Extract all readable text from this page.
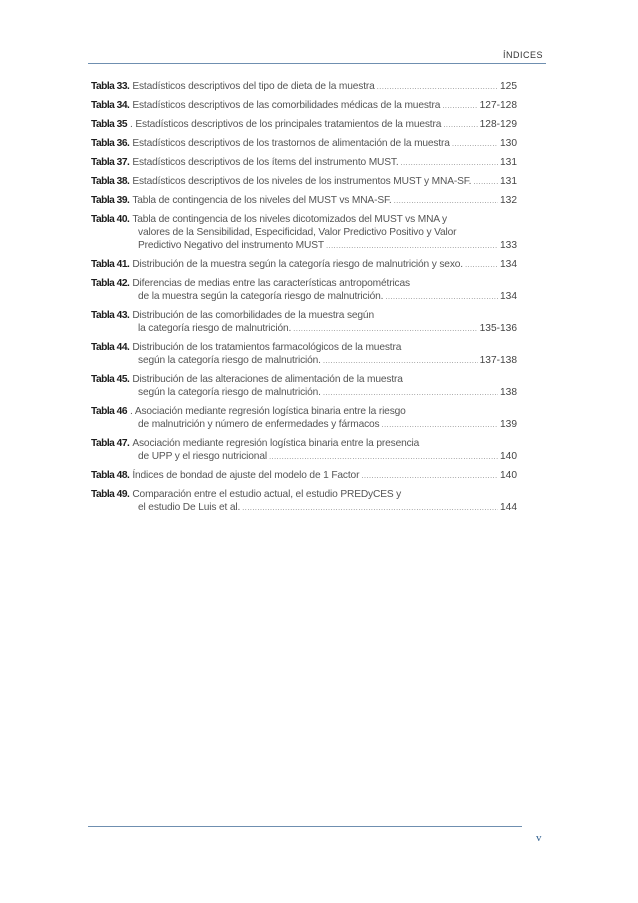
ÍNDICES
Tabla 33. Estadísticos descriptivos del tipo de dieta de la muestra .....	125
Tabla 34. Estadísticos descriptivos de las comorbilidades médicas de la muestra .....	127-128
Tabla 35 . Estadísticos descriptivos de los principales tratamientos de la muestra .....	128-129
Tabla 36. Estadísticos descriptivos de los trastornos de alimentación de la muestra .....	130
Tabla 37. Estadísticos descriptivos de los ítems del instrumento MUST. .....	131
Tabla 38. Estadísticos descriptivos de los niveles de los instrumentos MUST y MNA-SF. .....	131
Tabla 39. Tabla de contingencia de los niveles del MUST vs MNA-SF. .....	132
Tabla 40. Tabla de contingencia de los niveles dicotomizados del MUST vs MNA y
valores de la Sensibilidad, Especificidad, Valor Predictivo Positivo y Valor
Predictivo Negativo del instrumento MUST .....	133
Tabla 41. Distribución de la muestra según la categoría riesgo de malnutrición y sexo. .....	134
Tabla 42. Diferencias de medias entre las características antropométricas
de la muestra según la categoría riesgo de malnutrición. .....	134
Tabla 43. Distribución de las comorbilidades de la muestra según
la categoría riesgo de malnutrición. .....	135-136
Tabla 44. Distribución de los tratamientos farmacológicos de la muestra
según la categoría riesgo de malnutrición. .....	137-138
Tabla 45. Distribución de las alteraciones de alimentación de la muestra
según la categoría riesgo de malnutrición. .....	138
Tabla 46 . Asociación mediante regresión logística binaria entre la riesgo
de malnutrición y número de enfermedades y fármacos .....	139
Tabla 47. Asociación mediante regresión logística binaria entre la presencia
de UPP y el riesgo nutricional .....	140
Tabla 48. Índices de bondad de ajuste del modelo de 1 Factor .....	140
Tabla 49. Comparación entre el estudio actual, el estudio PREDyCES y
el estudio De Luis et al. .....	144
v
